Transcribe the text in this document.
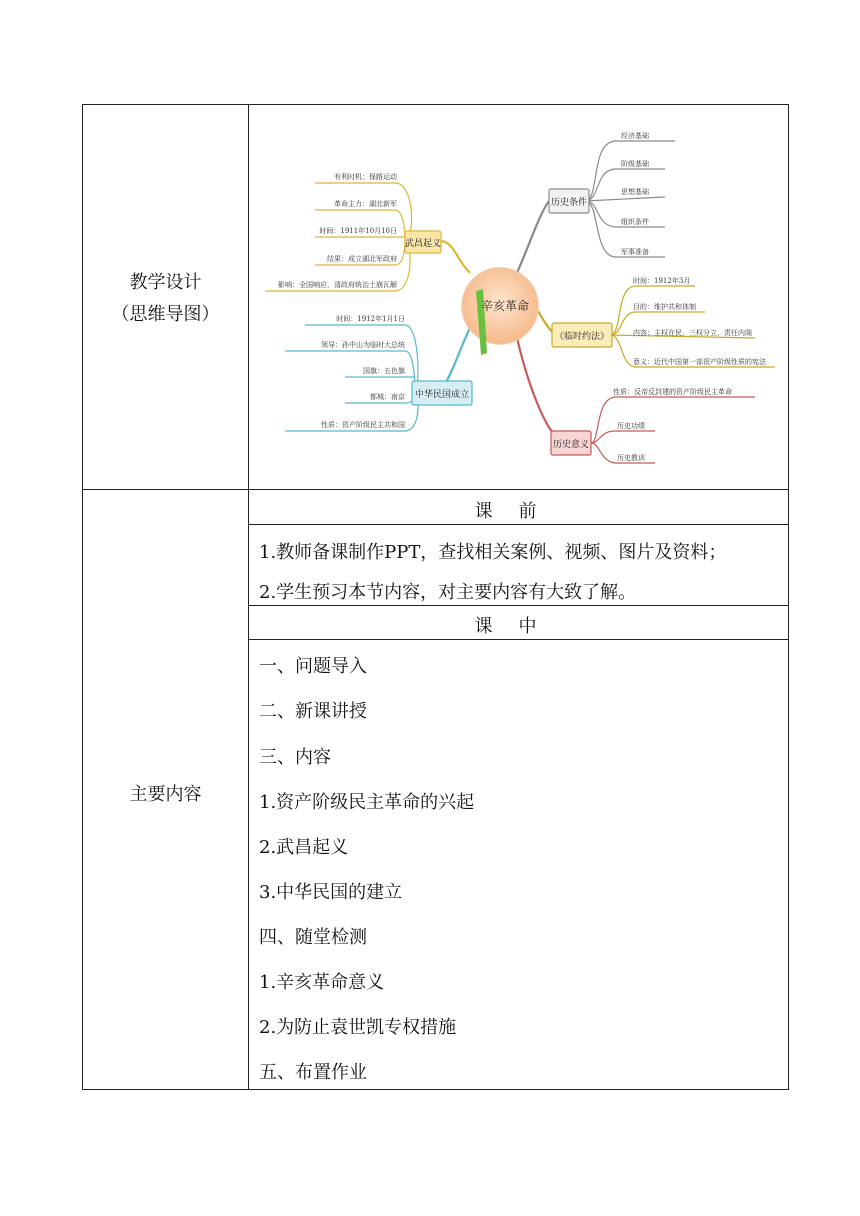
教学设计
（思维导图）	辛亥革命
武昌起义
有利时机：保路运动
革命主力：湖北新军
时间：1911年10月10日
结果：成立湖北军政府
影响：全国响应，清政府统治土崩瓦解
中华民国成立
时间：1912年1月1日
领导：孙中山为临时大总统
国旗：五色旗
都城：南京
性质：资产阶级民主共和国
历史条件
经济基础
阶级基础
思想基础
组织条件
军事准备
《临时约法》
时间：1912年3月
目的：维护共和体制
内容：主权在民、三权分立、责任内阁
意义：近代中国第一部资产阶级性质的宪法
历史意义
性质：反帝反封建的资产阶级民主革命
历史功绩
历史教训
主要内容
课前
1.教师备课制作PPT，查找相关案例、视频、图片及资料；
2.学生预习本节内容，对主要内容有大致了解。
课中
一、问题导入
二、新课讲授
三、内容
1.资产阶级民主革命的兴起
2.武昌起义
3.中华民国的建立
四、随堂检测
1.辛亥革命意义
2.为防止袁世凯专权措施
五、布置作业
